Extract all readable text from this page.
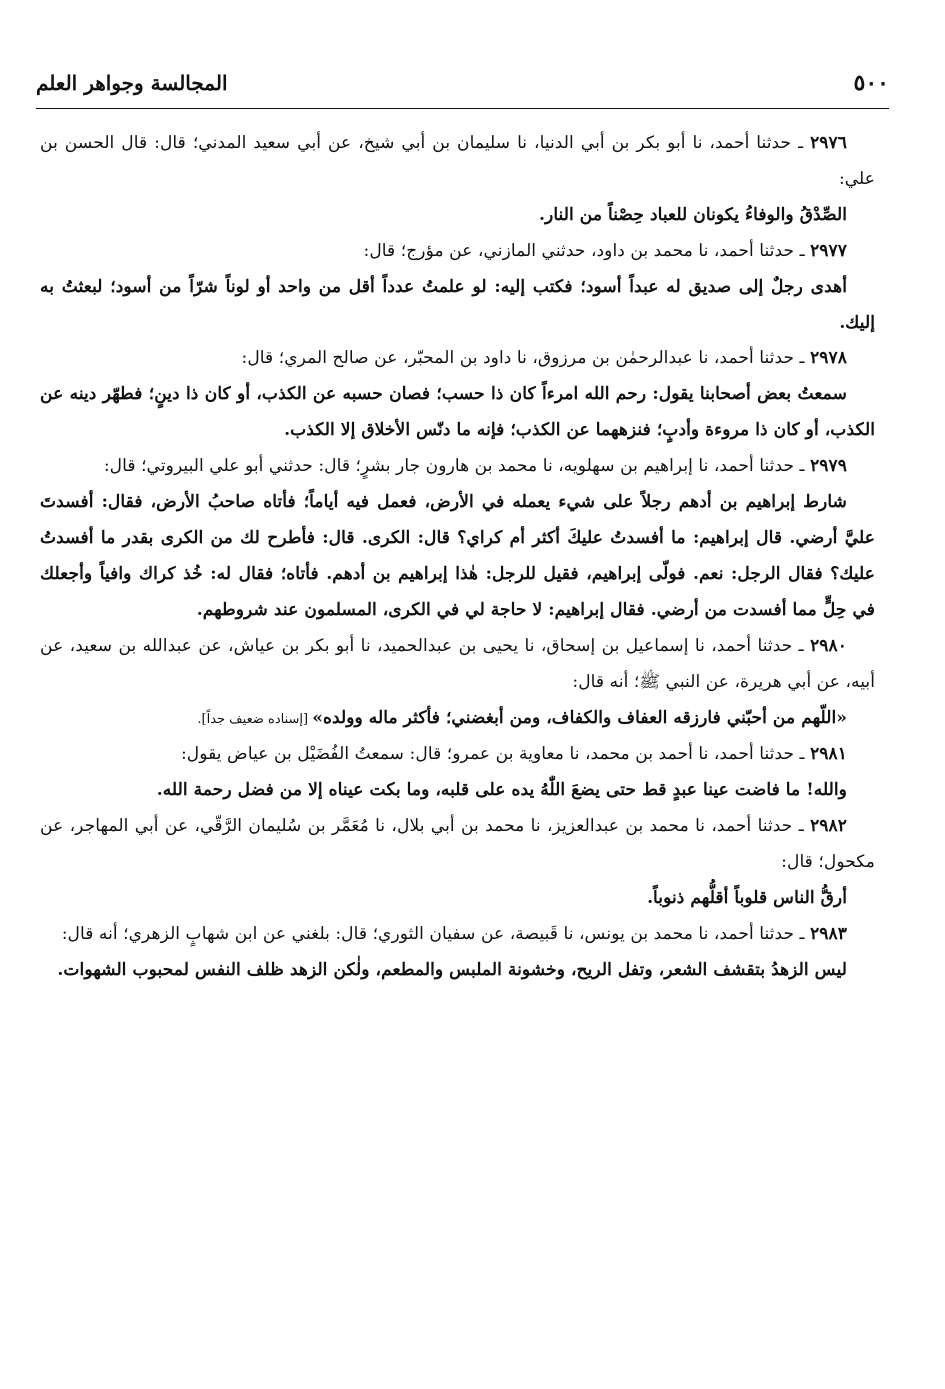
٥٠٠
المجالسة وجواهر العلم

٢٩٧٦ ـ حدثنا أحمد، نا أبو بكر بن أبي الدنيا، نا سليمان بن أبي شيخ، عن أبي سعيد المدني؛ قال: قال الحسن بن علي:

الصِّدْقُ والوفاءُ يكونان للعباد حِصْناً من النار.

٢٩٧٧ ـ حدثنا أحمد، نا محمد بن داود، حدثني المازني، عن مؤرج؛ قال:

أهدى رجلٌ إلى صديق له عبداً أسود؛ فكتب إليه: لو علمتُ عدداً أقل من واحد أو لوناً شرّاً من أسود؛ لبعثتُ به إليك.

٢٩٧٨ ـ حدثنا أحمد، نا عبدالرحمٰن بن مرزوق، نا داود بن المحبّر، عن صالح المري؛ قال:

سمعتُ بعض أصحابنا يقول: رحم الله امرءاً كان ذا حسب؛ فصان حسبه عن الكذب، أو كان ذا دينٍ؛ فطهّر دينه عن الكذب، أو كان ذا مروءة وأدبٍ؛ فنزههما عن الكذب؛ فإنه ما دنّس الأخلاق إلا الكذب.

٢٩٧٩ ـ حدثنا أحمد، نا إبراهيم بن سهلويه، نا محمد بن هارون جار بشرٍ؛ قال: حدثني أبو علي البيروتي؛ قال:

شارط إبراهيم بن أدهم رجلاً على شيء يعمله في الأرض، فعمل فيه أياماً؛ فأتاه صاحبُ الأرض، فقال: أفسدتَ عليَّ أرضي. قال إبراهيم: ما أفسدتُ عليكَ أكثر أم كراي؟ قال: الكرى. قال: فأطرح لك من الكرى بقدر ما أفسدتُ عليك؟ فقال الرجل: نعم. فولّى إبراهيم، فقيل للرجل: هٰذا إبراهيم بن أدهم. فأتاه؛ فقال له: خُذ كراك وافياً وأجعلك في حِلٍّ مما أفسدت من أرضي. فقال إبراهيم: لا حاجة لي في الكرى، المسلمون عند شروطهم.

٢٩٨٠ ـ حدثنا أحمد، نا إسماعيل بن إسحاق، نا يحيى بن عبدالحميد، نا أبو بكر بن عياش، عن عبدالله بن سعيد، عن أبيه، عن أبي هريرة، عن النبي ﷺ؛ أنه قال:

«اللّهم من أحبّني فارزقه العفاف والكفاف، ومن أبغضني؛ فأكثر ماله وولده» [إسناده ضعيف جداً].

٢٩٨١ ـ حدثنا أحمد، نا أحمد بن محمد، نا معاوية بن عمرو؛ قال: سمعتُ الفُضَيْل بن عياض يقول:

والله! ما فاضت عينا عبدٍ قط حتى يضعَ اللّٰهُ يده على قلبه، وما بكت عيناه إلا من فضل رحمة الله.

٢٩٨٢ ـ حدثنا أحمد، نا محمد بن عبدالعزيز، نا محمد بن أبي بلال، نا مُعَمَّر بن سُليمان الرَّقّي، عن أبي المهاجر، عن مكحول؛ قال:

أرقُّ الناس قلوباً أقلُّهم ذنوباً.

٢٩٨٣ ـ حدثنا أحمد، نا محمد بن يونس، نا قَبيصة، عن سفيان الثوري؛ قال: بلغني عن ابن شهابٍ الزهري؛ أنه قال:

ليس الزهدُ بتقشف الشعر، وتفل الريح، وخشونة الملبس والمطعم، ولٰكن الزهد ظلف النفس لمحبوب الشهوات.
